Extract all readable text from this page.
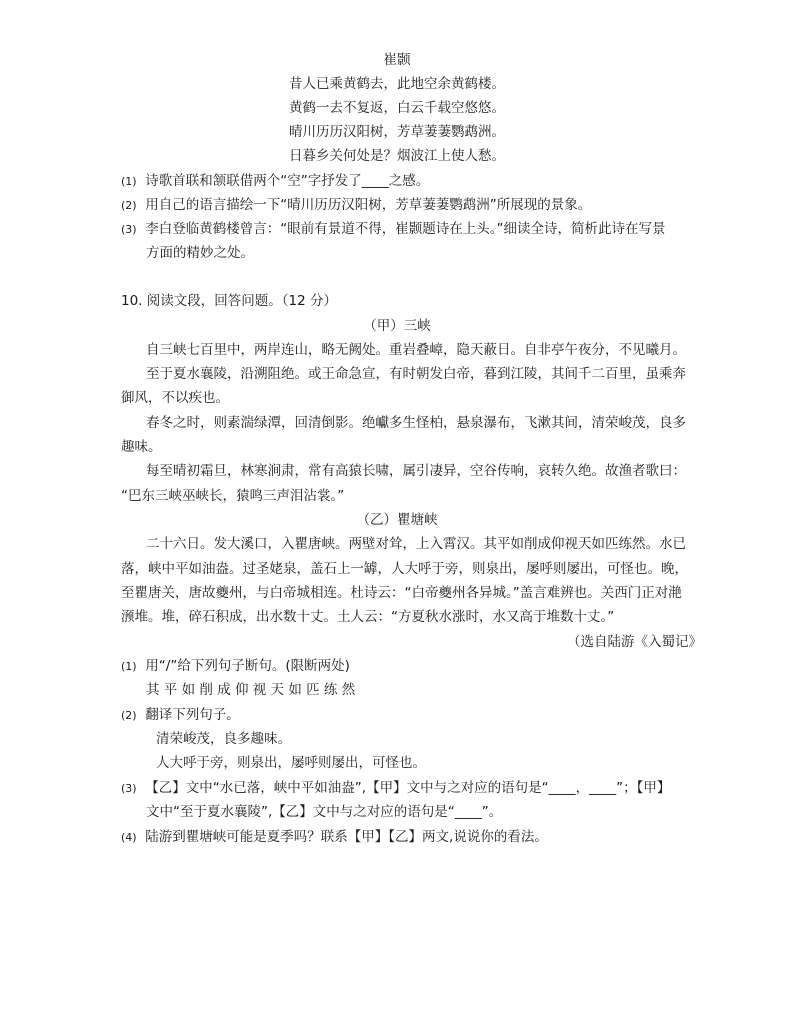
崔颢
昔人已乘黄鹤去，此地空余黄鹤楼。
黄鹤一去不复返，白云千载空悠悠。
晴川历历汉阳树，芳草萋萋鹦鹉洲。
日暮乡关何处是？烟波江上使人愁。
(1) 诗歌首联和颔联借两个“空”字抒发了____之感。
(2) 用自己的语言描绘一下“晴川历历汉阳树，芳草萋萋鹦鹉洲”所展现的景象。
(3) 李白登临黄鹤楼曾言：“眼前有景道不得，崔颢题诗在上头。”细读全诗，简析此诗在写景
方面的精妙之处。
10. 阅读文段，回答问题。（12 分）
（甲）三峡
自三峡七百里中，两岸连山，略无阙处。重岩叠嶂，隐天蔽日。自非亭午夜分，不见曦月。
至于夏水襄陵，沿溯阻绝。或王命急宣，有时朝发白帝，暮到江陵，其间千二百里，虽乘奔
御风，不以疾也。
春冬之时，则素湍绿潭，回清倒影。绝巘多生怪柏，悬泉瀑布，飞漱其间，清荣峻茂，良多
趣味。
每至晴初霜旦，林寒涧肃，常有高猿长啸，属引凄异，空谷传响，哀转久绝。故渔者歌曰：
“巴东三峡巫峡长，猿鸣三声泪沾裳。”
（乙）瞿塘峡
二十六日。发大溪口，入瞿唐峡。两壁对耸，上入霄汉。其平如削成仰视天如匹练然。水已
落，峡中平如油盎。过圣姥泉，盖石上一罅，人大呼于旁，则泉出，屡呼则屡出，可怪也。晚，
至瞿唐关，唐故夔州，与白帝城相连。杜诗云：“白帝夔州各异城。”盖言难辨也。关西门正对滟
滪堆。堆，碎石积成，出水数十丈。土人云：“方夏秋水涨时，水又高于堆数十丈。”
（选自陆游《入蜀记》
(1) 用“/”给下列句子断句。(限断两处)
其 平 如 削 成 仰 视 天 如 匹 练 然
(2) 翻译下列句子。
清荣峻茂，良多趣味。
人大呼于旁，则泉出，屡呼则屡出，可怪也。
(3) 【乙】文中“水已落，峡中平如油盎”,【甲】文中与之对应的语句是“____，____”；【甲】
文中“至于夏水襄陵”,【乙】文中与之对应的语句是“____”。
(4) 陆游到瞿塘峡可能是夏季吗？联系【甲】【乙】两文,说说你的看法。
